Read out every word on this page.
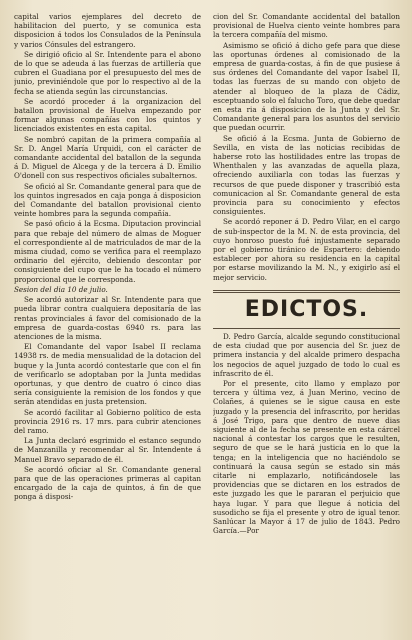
capital varios ejemplares del decreto de habilitacion del puerto, y se comunica esta disposicion á todos los Consulados de la Península y varios Cónsules del estrangero.

Se dirigió oficio al Sr. Intendente para el abono de lo que se adeuda á las fuerzas de artillería que cubren el Guadiana por el presupuesto del mes de junio, previniéndole que por lo respectivo al de la fecha se atienda según las circunstancias.

Se acordó proceder á la organizacion del batallon provisional de Huelva empezando por formar algunas compañías con los quintos y licenciados existentes en esta capital.

Se nombró capitan de la primera compañía al Sr. D. Angel María Urquidi, con el carácter de comandante accidental del batallon de la segunda á D. Miguel de Alcega y de la tercera á D. Emilio O'donell con sus respectivos oficiales subalternos.

Se ofició al Sr. Comandante general para que de los quintos ingresados en caja ponga á disposicion del Comandante del batallon provisional ciento veinte hombres para la segunda compañía.

Se pasó oficio á la Ecsma. Diputacion provincial para que rebaje del número de almas de Moguer el correspondiente al de matriculados de mar de la misma ciudad, como se verifica para el reemplazo ordinario del ejército, debiendo descontar por consiguiente del cupo que le ha tocado el número proporcional que le corresponda.

Sesion del dia 10 de julio.

Se acordó autorizar al Sr. Intendente para que pueda librar contra cualquiera depositaría de las rentas provinciales á favor del comisionado de la empresa de guarda-costas 6940 rs. para las atenciones de la misma.

El Comandante del vapor Isabel II reclama 14938 rs. de media mensualidad de la dotacion del buque y la Junta acordó contestarle que con el fin de verificarlo se adoptaban por la Junta medidas oportunas, y que dentro de cuatro ó cinco dias sería consiguiente la remision de los fondos y que serán atendidas en justa pretension.

Se acordó facilitar al Gobierno político de esta provincia 2916 rs. 17 mrs. para cubrir atenciones del ramo.

La Junta declaró esgrimido el estanco segundo de Manzanilla y recomendar al Sr. Intendente á Manuel Bravo separado de él.

Se acordó oficiar al Sr. Comandante general para que de las operaciones primeras al capitan encargado de la caja de quintos, á fin de que ponga á disposi-

cion del Sr. Comandante accidental del batallon provisional de Huelva ciento veinte hombres para la tercera compañía del mismo.

Asimismo se ofició á dicho gefe para que diese las oportunas órdenes al comisionado de la empresa de guarda-costas, á fin de que pusiese á sus órdenes del Comandante del vapor Isabel II, todas las fuerzas de su mando con objeto de atender al bloqueo de la plaza de Cádiz, esceptuando solo el falucho Toro, que debe quedar en esta ria á disposicion de la Junta y del Sr. Comandante general para los asuntos del servicio que puedan ocurrir.

Se ofició á la Ecsma. Junta de Gobierno de Sevilla, en vista de las noticias recibidas de haberse roto las hostilidades entre las tropas de Whenthalen y las avanzadas de aquella plaza, ofreciendo auxiliarla con todas las fuerzas y recursos de que puede disponer y trascribió esta comunicacion al Sr. Comandante general de esta provincia para su conocimiento y efectos consiguientes.

Se acordó reponer á D. Pedro Vilar, en el cargo de sub-inspector de la M. N. de esta provincia, del cuyo honroso puesto fué injustamente separado por el gobierno tiránico de Espartero: debiendo establecer por ahora su residencia en la capital por estarse movilizando la M. N., y exigirlo así el mejor servicio.

EDICTOS.

D. Pedro García, alcalde segundo constitucional de esta ciudad que por ausencia del Sr. juez de primera instancia y del alcalde primero despacha los negocios de aquel juzgado de todo lo cual es infrascrito de él.

Por el presente, cito llamo y emplazo por tercera y última vez, á Juan Merino, vecino de Colañes, á quienes se le sigue causa en este juzgado y la presencia del infrascrito, por heridas á José Trigo, para que dentro de nueve dias siguiente al de la fecha se presente en esta cárcel nacional á contestar los cargos que le resulten, seguro de que se le hará justicia en lo que la tenga; en la inteligencia que no haciéndolo se continuará la causa según se estado sin más citarle ni emplazarlo, notificándosele las providencias que se dictaren en los estrados de este juzgado les que le pararan el perjuicio que haya lugar. Y para que llegue á noticia del susodicho se fija el presente y otro de igual tenor. Sanlúcar la Mayor á 17 de julio de 1843. Pedro García.—Por
